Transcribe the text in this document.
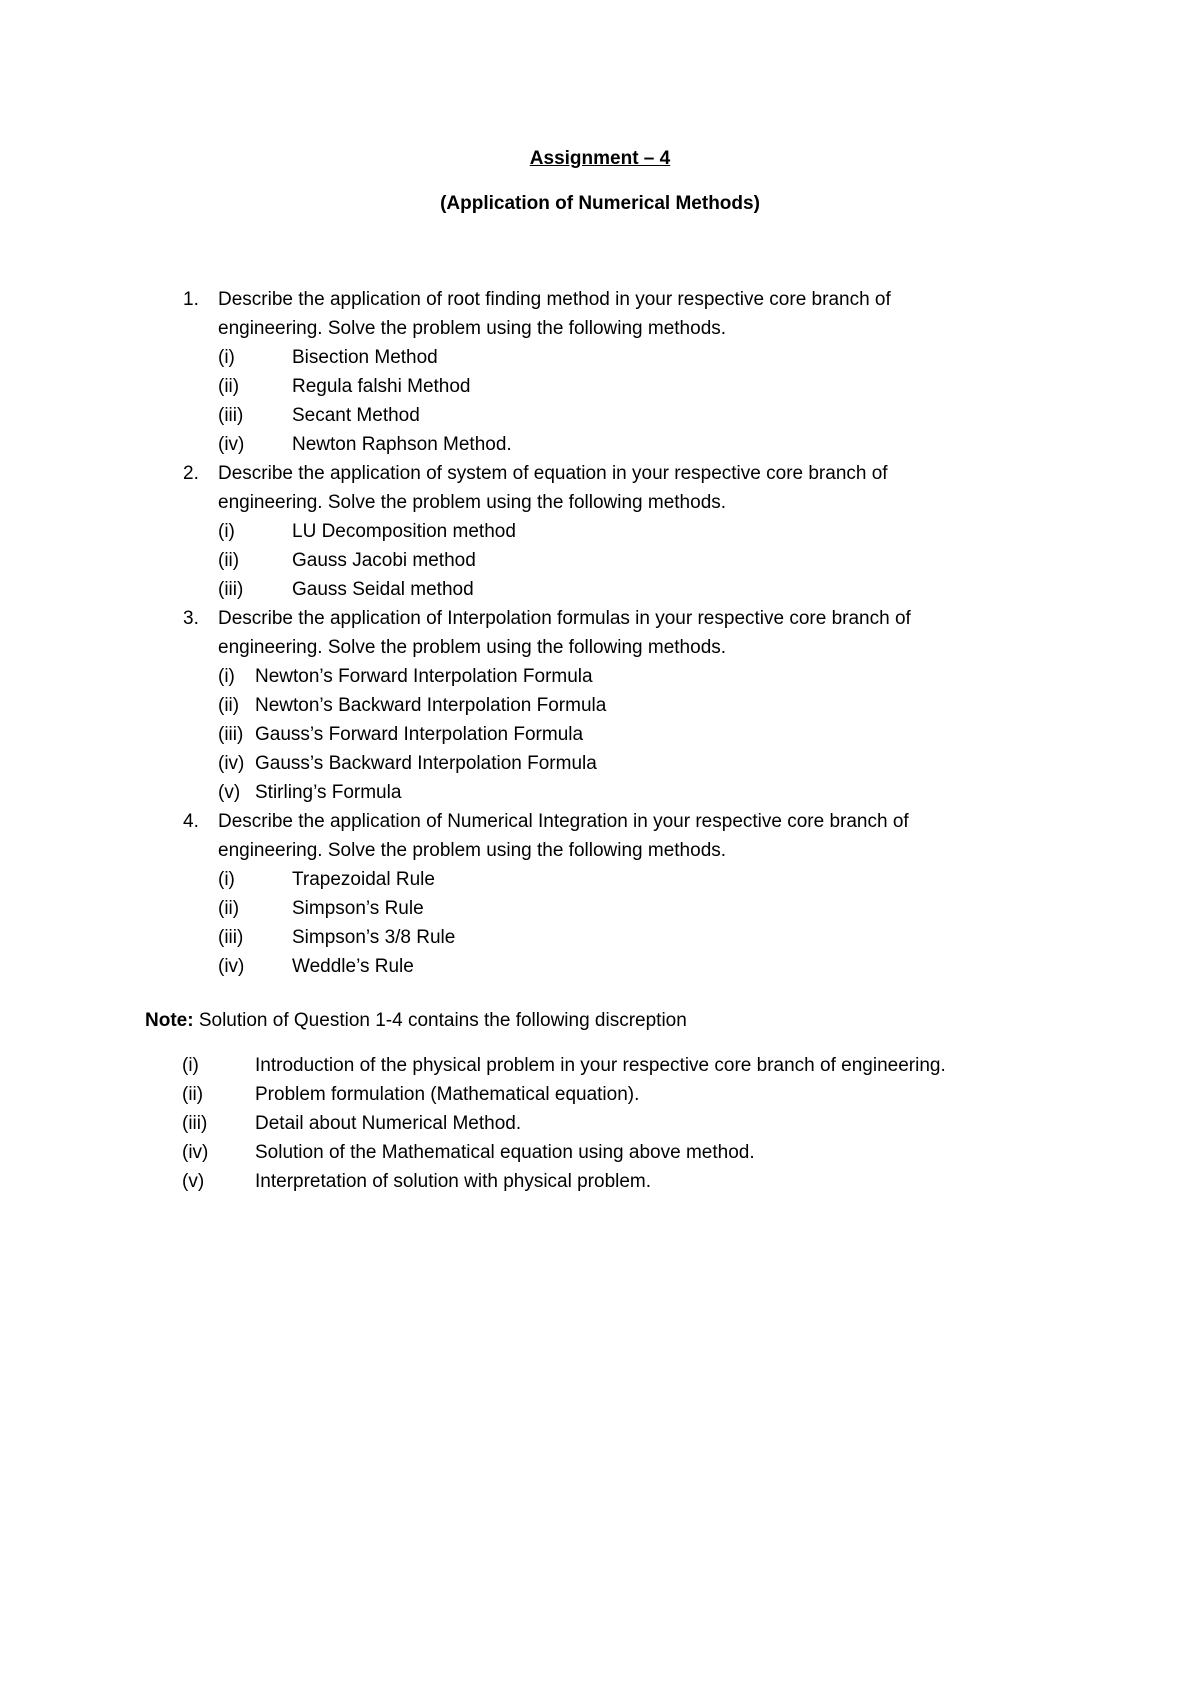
Assignment – 4
(Application of Numerical Methods)
1. Describe the application of root finding method in your respective core branch of
engineering. Solve the problem using the following methods.
(i)	Bisection Method
(ii)	Regula falshi Method
(iii)	Secant Method
(iv)	Newton Raphson Method.
2. Describe the application of system of equation in your respective core branch of
engineering. Solve the problem using the following methods.
(i)	LU Decomposition method
(ii)	Gauss Jacobi method
(iii)	Gauss Seidal method
3. Describe the application of Interpolation formulas in your respective core branch of
engineering. Solve the problem using the following methods.
(i) Newton’s Forward Interpolation Formula
(ii) Newton’s Backward Interpolation Formula
(iii) Gauss’s Forward Interpolation Formula
(iv) Gauss’s Backward Interpolation Formula
(v) Stirling’s Formula
4. Describe the application of Numerical Integration in your respective core branch of
engineering. Solve the problem using the following methods.
(i)	Trapezoidal Rule
(ii)	Simpson’s Rule
(iii)	Simpson’s 3/8 Rule
(iv)	Weddle’s Rule
Note: Solution of Question 1-4 contains the following discreption
(i)	Introduction of the physical problem in your respective core branch of engineering.
(ii)	Problem formulation (Mathematical equation).
(iii)	Detail about Numerical Method.
(iv) Solution of the Mathematical equation using above method.
(v)	Interpretation of solution with physical problem.
